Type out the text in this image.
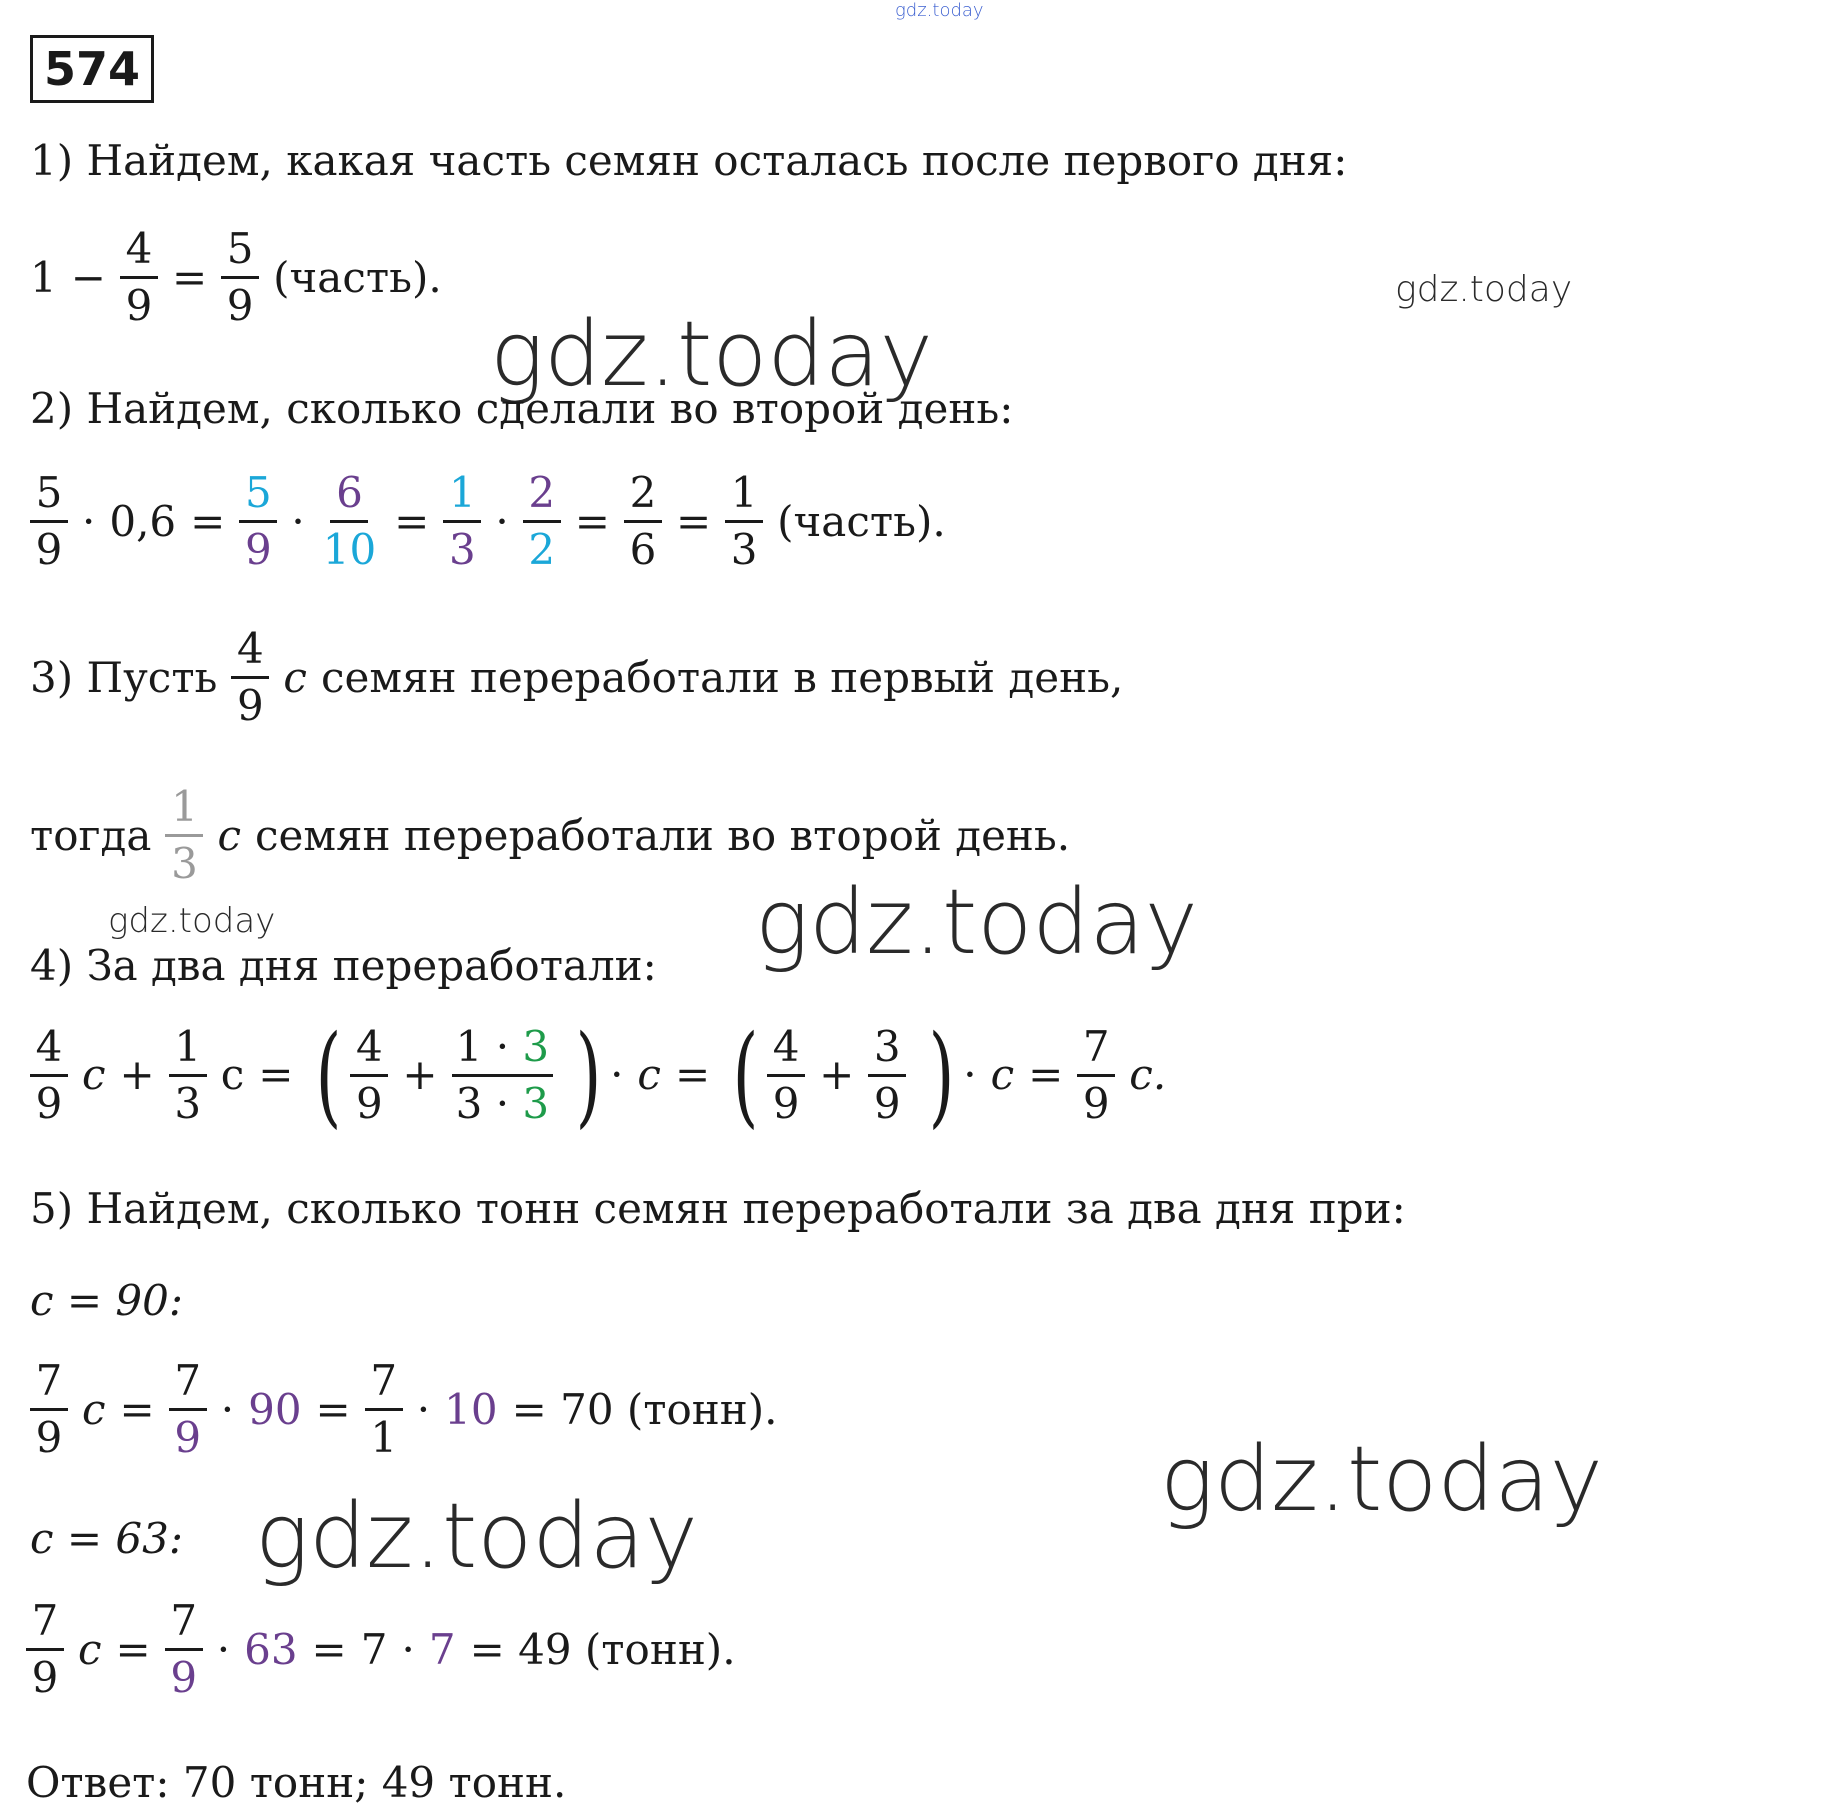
574
gdz.today
gdz.today
gdz.today
gdz.today	gdz.today
gdz.today
gdz.today
1) Найдем, какая часть семян осталась после первого дня:
$1 - \frac{4}{9} = \frac{5}{9}$ (часть).
2) Найдем, сколько сделали во второй день:
$\frac{5}{9} \cdot 0,6 = \frac{5}{9} \cdot \frac{6}{10} = \frac{1}{3} \cdot \frac{2}{2} = \frac{2}{6} = \frac{1}{3}$ (часть).
3) Пусть $\frac{4}{9}$ c семян переработали в первый день,
тогда $\frac{1}{3}$ c семян переработали во второй день.
4) За два дня переработали:
$\frac{4}{9}$ $c + \frac{1}{3}$ c = ( $\frac{4}{9} + \frac{1 \cdot 3}{3 \cdot 3}$ ) · c = ( $\frac{4}{9} + \frac{3}{9}$ ) · $c = \frac{7}{9} c$.
5) Найдем, сколько тонн семян переработали за два дня при:
c = 90:
$\frac{7}{9}$ $c = \frac{7}{9} \cdot 90 = \frac{7}{1} \cdot 10 = 70$ (тонн).
c = 63:
$\frac{7}{9}$ $c = \frac{7}{9} \cdot 63 = 7 \cdot 7 = 49$ (тонн).
Ответ: 70 тонн; 49 тонн.
